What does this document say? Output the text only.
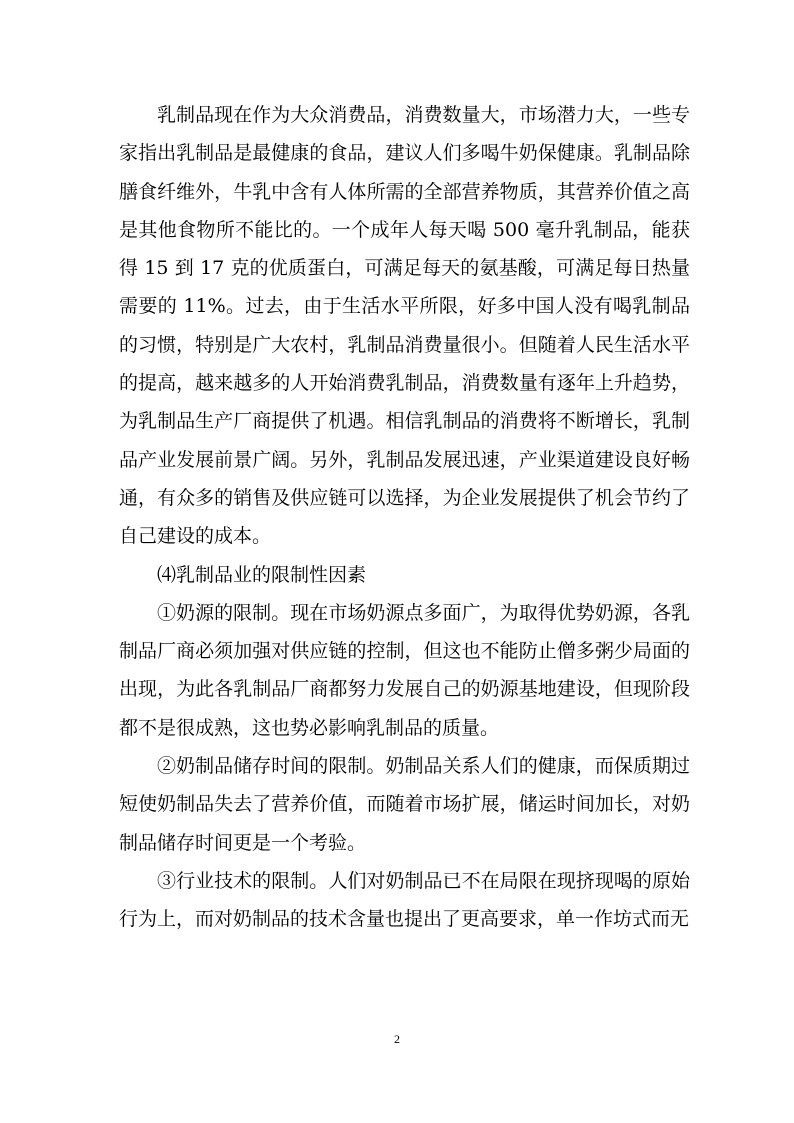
乳制品现在作为大众消费品，消费数量大，市场潜力大，一些专家指出乳制品是最健康的食品，建议人们多喝牛奶保健康。乳制品除膳食纤维外，牛乳中含有人体所需的全部营养物质，其营养价值之高是其他食物所不能比的。一个成年人每天喝 500 毫升乳制品，能获得 15 到 17 克的优质蛋白，可满足每天的氨基酸，可满足每日热量需要的 11%。过去，由于生活水平所限，好多中国人没有喝乳制品的习惯，特别是广大农村，乳制品消费量很小。但随着人民生活水平的提高，越来越多的人开始消费乳制品，消费数量有逐年上升趋势，为乳制品生产厂商提供了机遇。相信乳制品的消费将不断增长，乳制品产业发展前景广阔。另外，乳制品发展迅速，产业渠道建设良好畅通，有众多的销售及供应链可以选择，为企业发展提供了机会节约了自己建设的成本。

⑷乳制品业的限制性因素

①奶源的限制。现在市场奶源点多面广，为取得优势奶源，各乳制品厂商必须加强对供应链的控制，但这也不能防止僧多粥少局面的出现，为此各乳制品厂商都努力发展自己的奶源基地建设，但现阶段都不是很成熟，这也势必影响乳制品的质量。

②奶制品储存时间的限制。奶制品关系人们的健康，而保质期过短使奶制品失去了营养价值，而随着市场扩展，储运时间加长，对奶制品储存时间更是一个考验。

③行业技术的限制。人们对奶制品已不在局限在现挤现喝的原始行为上，而对奶制品的技术含量也提出了更高要求，单一作坊式而无

2
